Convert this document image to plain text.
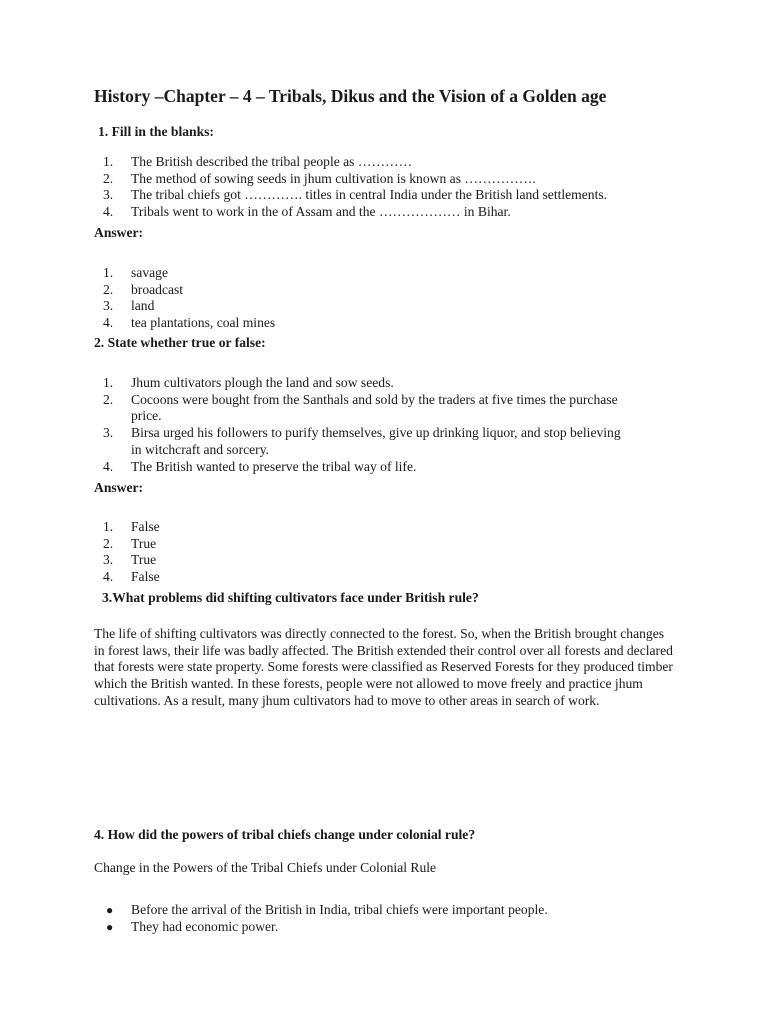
History –Chapter – 4 – Tribals, Dikus and the Vision of a Golden age
1. Fill in the blanks:
1. The British described the tribal people as …………
2. The method of sowing seeds in jhum cultivation is known as …………….
3. The tribal chiefs got …………. titles in central India under the British land settlements.
4. Tribals went to work in the of Assam and the ……………… in Bihar.
Answer:
1. savage
2. broadcast
3. land
4. tea plantations, coal mines
2. State whether true or false:
1. Jhum cultivators plough the land and sow seeds.
2. Cocoons were bought from the Santhals and sold by the traders at five times the purchase price.
3. Birsa urged his followers to purify themselves, give up drinking liquor, and stop believing in witchcraft and sorcery.
4. The British wanted to preserve the tribal way of life.
Answer:
1. False
2. True
3. True
4. False
3.What problems did shifting cultivators face under British rule?

The life of shifting cultivators was directly connected to the forest. So, when the British brought changes in forest laws, their life was badly affected. The British extended their control over all forests and declared that forests were state property. Some forests were classified as Reserved Forests for they produced timber which the British wanted. In these forests, people were not allowed to move freely and practice jhum cultivations. As a result, many jhum cultivators had to move to other areas in search of work.

4. How did the powers of tribal chiefs change under colonial rule?
Change in the Powers of the Tribal Chiefs under Colonial Rule
● Before the arrival of the British in India, tribal chiefs were important people.
● They had economic power.
